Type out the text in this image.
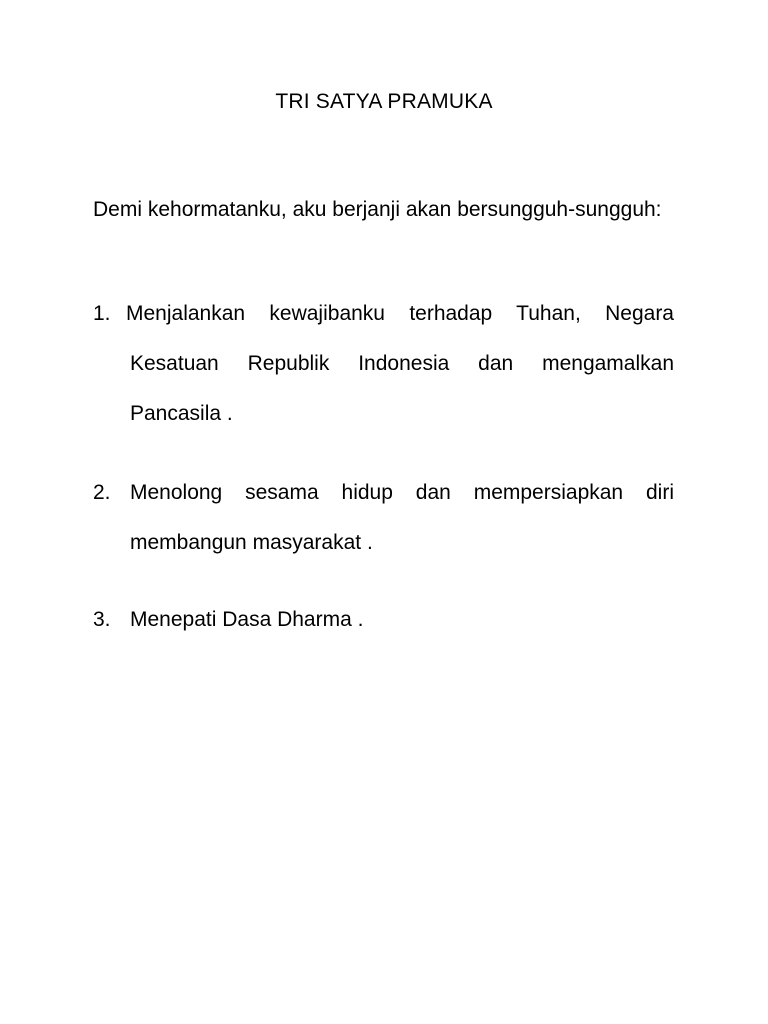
TRI SATYA PRAMUKA
Demi kehormatanku, aku berjanji akan bersungguh-sungguh:
1. Menjalankan kewajibanku terhadap Tuhan, Negara Kesatuan Republik Indonesia dan mengamalkan Pancasila .
2. Menolong sesama hidup dan mempersiapkan diri membangun masyarakat .
3. Menepati Dasa Dharma .
